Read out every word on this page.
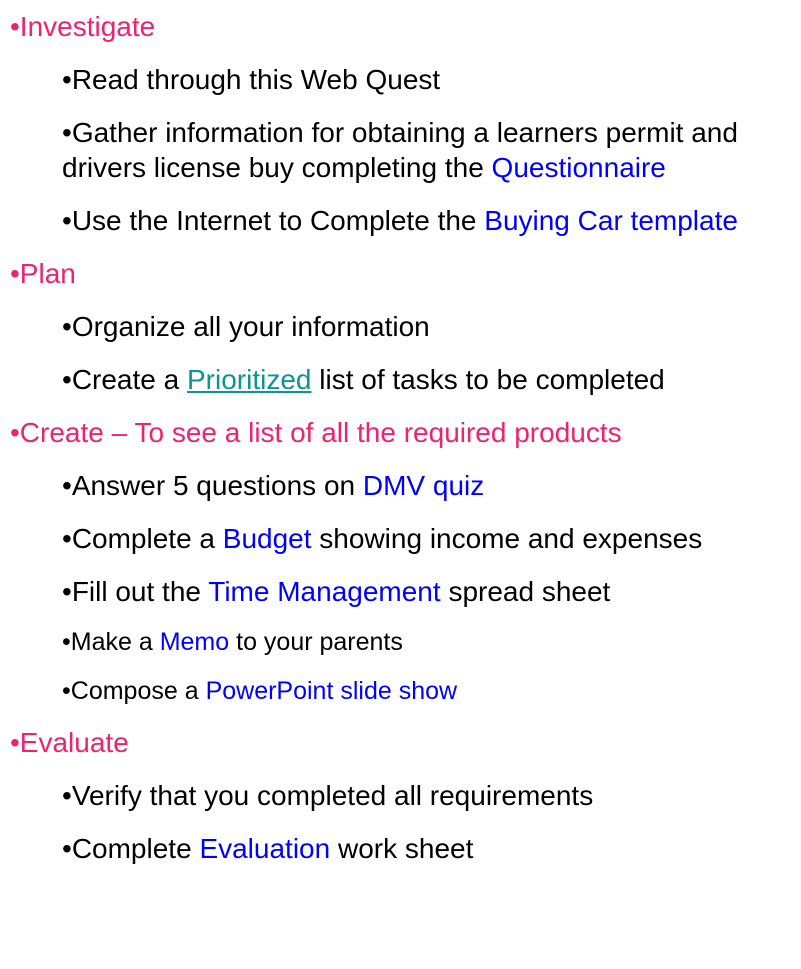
•Investigate
•Read through this Web Quest
•Gather information for obtaining a learners permit and drivers license buy completing the Questionnaire
•Use the Internet to Complete the Buying Car template
•Plan
•Organize all your information
•Create a Prioritized list of tasks to be completed
•Create – To see a list of all the required products
•Answer 5 questions on DMV quiz
•Complete a Budget showing income and expenses
•Fill out the Time Management spread sheet
•Make a Memo to your parents
•Compose a PowerPoint slide show
•Evaluate
•Verify that you completed all requirements
•Complete Evaluation work sheet
